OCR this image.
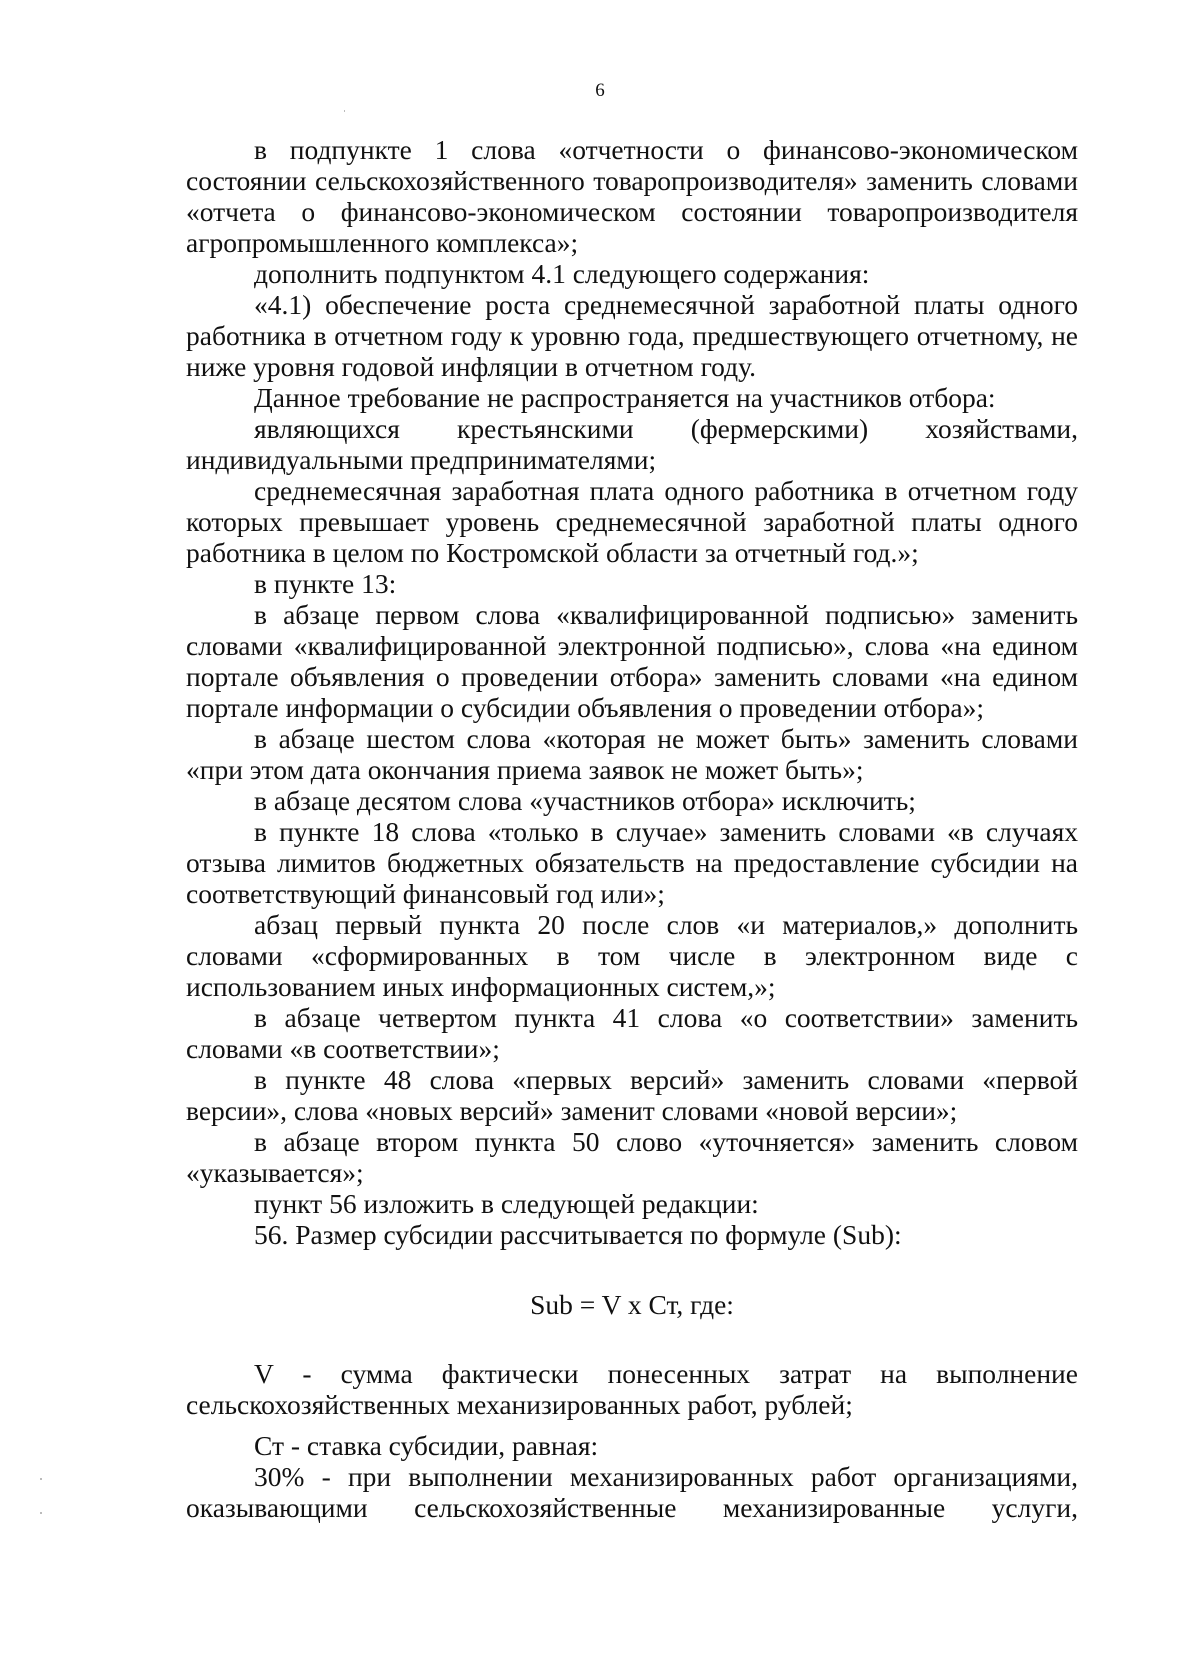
6

в подпункте 1 слова «отчетности о финансово-экономическом состоянии сельскохозяйственного товаропроизводителя» заменить словами «отчета о финансово-экономическом состоянии товаропроизводителя агропромышленного комплекса»;

дополнить подпунктом 4.1 следующего содержания:

«4.1) обеспечение роста среднемесячной заработной платы одного работника в отчетном году к уровню года, предшествующего отчетному, не ниже уровня годовой инфляции в отчетном году.

Данное требование не распространяется на участников отбора:

являющихся крестьянскими (фермерскими) хозяйствами, индивидуальными предпринимателями;

среднемесячная заработная плата одного работника в отчетном году которых превышает уровень среднемесячной заработной платы одного работника в целом по Костромской области за отчетный год.»;

в пункте 13:

в абзаце первом слова «квалифицированной подписью» заменить словами «квалифицированной электронной подписью», слова «на едином портале объявления о проведении отбора» заменить словами «на едином портале информации о субсидии объявления о проведении отбора»;

в абзаце шестом слова «которая не может быть» заменить словами «при этом дата окончания приема заявок не может быть»;

в абзаце десятом слова «участников отбора» исключить;

в пункте 18 слова «только в случае» заменить словами «в случаях отзыва лимитов бюджетных обязательств на предоставление субсидии на соответствующий финансовый год или»;

абзац первый пункта 20 после слов «и материалов,» дополнить словами «сформированных в том числе в электронном виде с использованием иных информационных систем,»;

в абзаце четвертом пункта 41 слова «о соответствии» заменить словами «в соответствии»;

в пункте 48 слова «первых версий» заменить словами «первой версии», слова «новых версий» заменит словами «новой версии»;

в абзаце втором пункта 50 слово «уточняется» заменить словом «указывается»;

пункт 56 изложить в следующей редакции:

56. Размер субсидии рассчитывается по формуле (Sub):

Sub = V x Ст, где:

V - сумма фактически понесенных затрат на выполнение сельскохозяйственных механизированных работ, рублей;

Ст - ставка субсидии, равная:

30% - при выполнении механизированных работ организациями, оказывающими сельскохозяйственные механизированные услуги,
